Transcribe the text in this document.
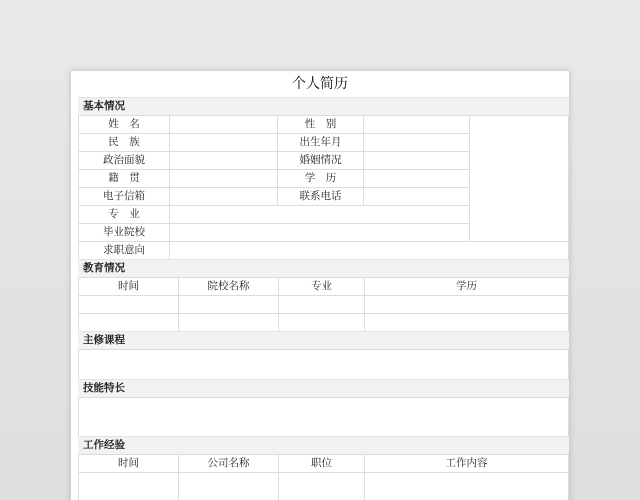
个人简历
基本情况
姓　名	性　别
民　族	出生年月
政治面貌	婚姻情况
籍　贯	学　历
电子信箱	联系电话
专　业
毕业院校
求职意向
教育情况
时间	院校名称	专业	学历
主修课程
技能特长
工作经验
时间	公司名称	职位	工作内容
